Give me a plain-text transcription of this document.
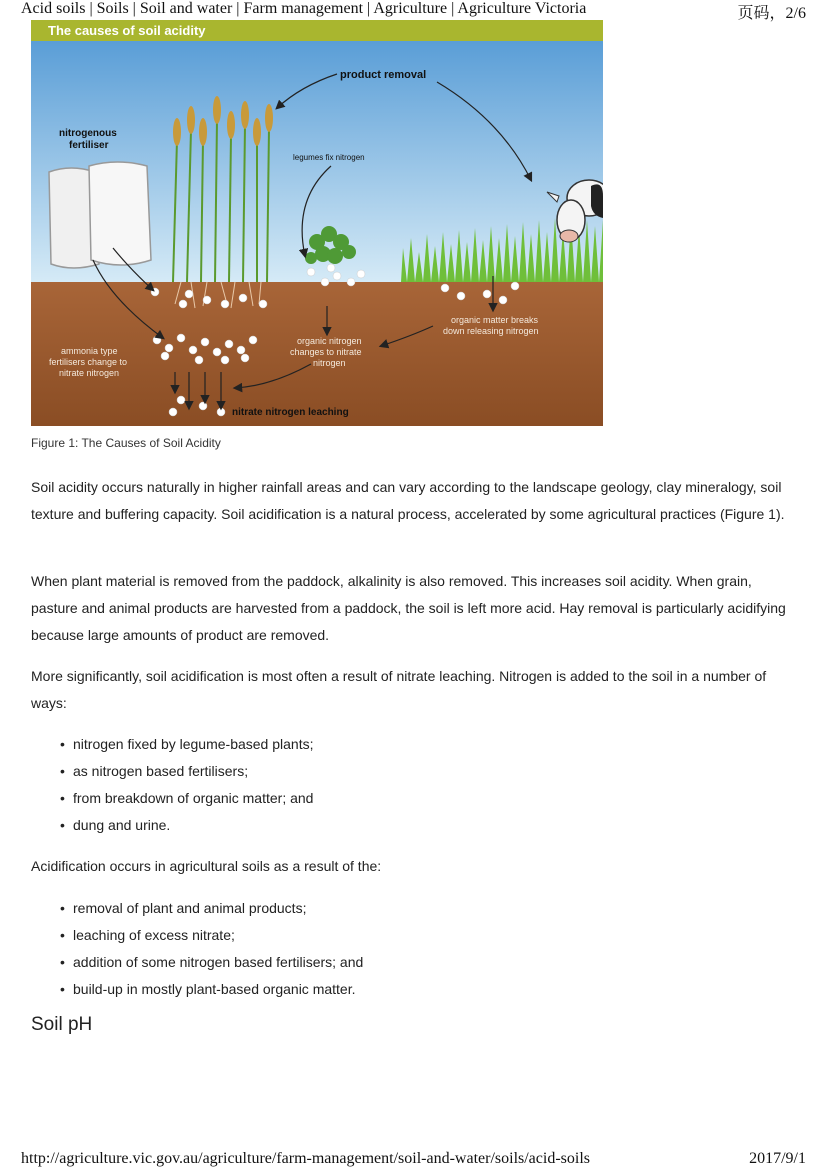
Acid soils | Soils | Soil and water | Farm management | Agriculture | Agriculture Victoria	页码，2/6
The causes of soil acidity
nitrogenous
fertiliser
product removal
legumes fix nitrogen
organic matter breaks
down releasing nitrogen
organic nitrogen
changes to nitrate
nitrogen
ammonia type
fertilisers change to
nitrate nitrogen
nitrate nitrogen leaching
Figure 1: The Causes of Soil Acidity
Soil acidity occurs naturally in higher rainfall areas and can vary according to the landscape geology, clay mineralogy, soil texture and buffering capacity. Soil acidification is a natural process, accelerated by some agricultural practices (Figure 1).
When plant material is removed from the paddock, alkalinity is also removed. This increases soil acidity. When grain, pasture and animal products are harvested from a paddock, the soil is left more acid. Hay removal is particularly acidifying because large amounts of product are removed.
More significantly, soil acidification is most often a result of nitrate leaching. Nitrogen is added to the soil in a number of ways:
• nitrogen fixed by legume-based plants;
• as nitrogen based fertilisers;
• from breakdown of organic matter; and
• dung and urine.
Acidification occurs in agricultural soils as a result of the:
• removal of plant and animal products;
• leaching of excess nitrate;
• addition of some nitrogen based fertilisers; and
• build-up in mostly plant-based organic matter.
Soil pH
http://agriculture.vic.gov.au/agriculture/farm-management/soil-and-water/soils/acid-soils	2017/9/1
